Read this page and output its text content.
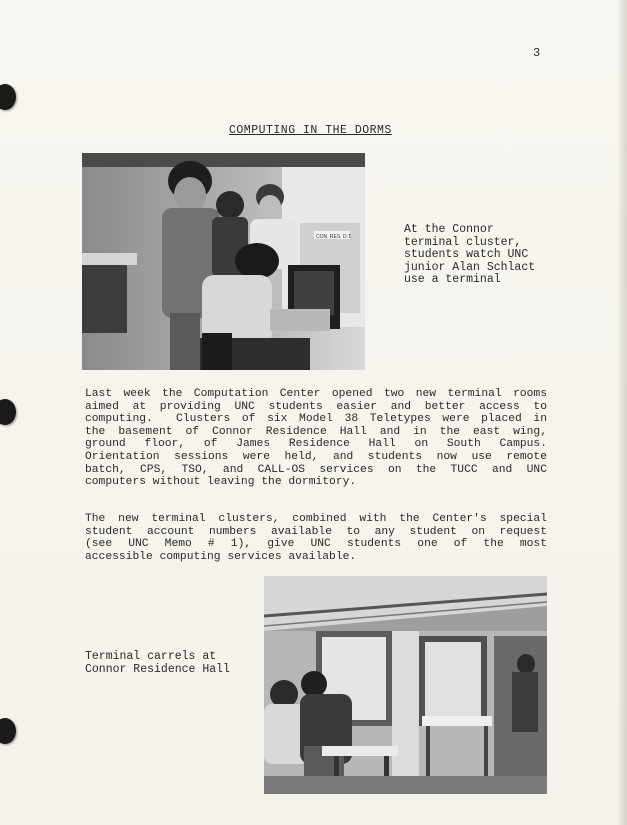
3
COMPUTING IN THE DORMS
CON. RES. D.T.
At the Connor
terminal cluster,
students watch UNC
junior Alan Schlact
use a terminal
Last week the Computation Center opened two new terminal rooms
aimed at providing UNC students easier and better access to
computing.  Clusters of six Model 38 Teletypes were placed in
the basement of Connor Residence Hall and in the east wing,
ground floor, of James Residence Hall on South Campus.
Orientation sessions were held, and students now use remote
batch, CPS, TSO, and CALL-OS services on the TUCC and UNC
computers without leaving the dormitory.
The new terminal clusters, combined with the Center's special
student account numbers available to any student on request
(see UNC Memo # 1), give UNC students one of the most
accessible computing services available.
Terminal carrels at
Connor Residence Hall
